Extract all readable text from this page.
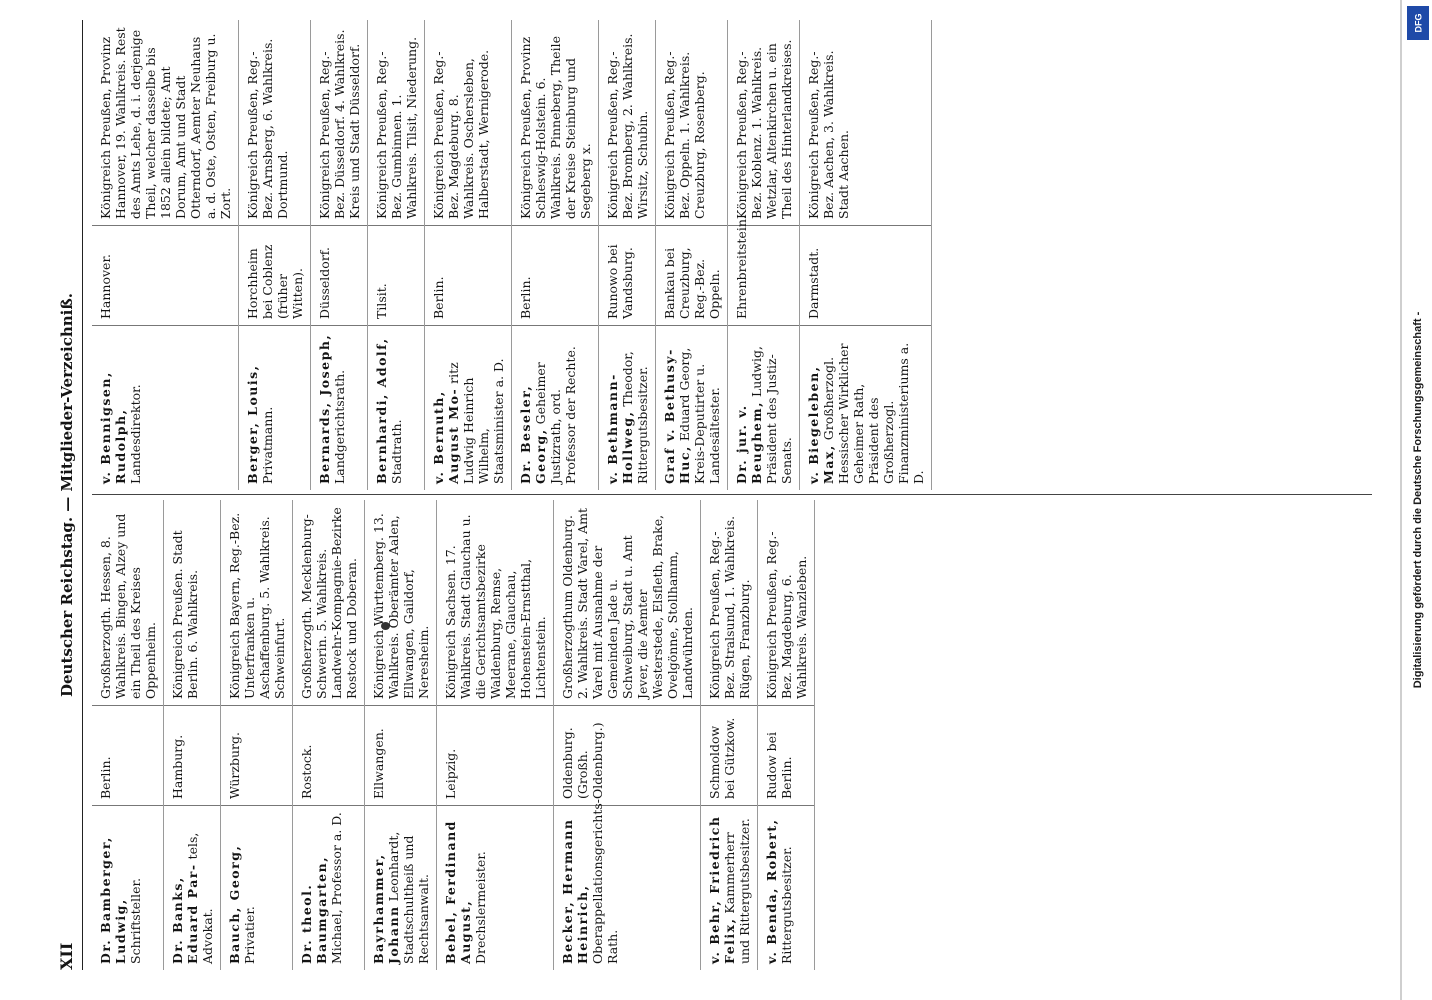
DFG
Digitalisierung gefördert durch die Deutsche Forschungsgemeinschaft -
XII
Deutscher Reichstag. — Mitglieder-Verzeichniß.
Dr. Bamberger, Ludwig, Schriftsteller.
Berlin.
Großherzogth. Hessen, 8. Wahlkreis. Bingen, Alzey und ein Theil des Kreises Oppenheim.
Dr. Banks, Eduard Par- tels, Advokat.
Hamburg.
Königreich Preußen. Stadt Berlin. 6. Wahlkreis.
Bauch, Georg, Privatier.
Würzburg.
Königreich Bayern, Reg.-Bez. Unterfranken u. Aschaffenburg. 5. Wahlkreis. Schweinfurt.
Dr. theol. Baumgarten, Michael, Professor a. D.
Rostock.
Großherzogth. Mecklenburg-Schwerin. 5. Wahlkreis. Landwehr-Kompagnie-Bezirke Rostock und Doberan.
Bayrhammer, Johann Leonhardt, Stadtschultheiß und Rechtsanwalt.
Ellwangen.
Königreich Württemberg. 13. Wahlkreis. Oberämter Aalen, Ellwangen, Gaildorf, Neresheim.
Bebel, Ferdinand August, Drechslermeister.
Leipzig.
Königreich Sachsen. 17. Wahlkreis. Stadt Glauchau u. die Gerichtsamtsbezirke Waldenburg, Remse, Meerane, Glauchau, Hohenstein-Ernstthal, Lichtenstein.
Becker, Hermann Heinrich, Oberappellationsgerichts-Rath.
Oldenburg. (Großh. Oldenburg.)
Großherzogthum Oldenburg. 2. Wahlkreis. Stadt Varel, Amt Varel mit Ausnahme der Gemeinden Jade u. Schweiburg, Stadt u. Amt Jever, die Aemter Westerstede, Elsfleth, Brake, Ovelgönne, Stollhamm, Landwührden.
v. Behr, Friedrich Felix, Kammerherr und Rittergutsbesitzer.
Schmoldow bei Gützkow.
Königreich Preußen, Reg.-Bez. Stralsund, 1. Wahlkreis. Rügen, Franzburg.
v. Benda, Robert, Rittergutsbesitzer.
Rudow bei Berlin.
Königreich Preußen, Reg.-Bez. Magdeburg, 6. Wahlkreis. Wanzleben.
v. Bennigsen, Rudolph, Landesdirektor.
Hannover.
Königreich Preußen, Provinz Hannover, 19. Wahlkreis. Rest des Amts Lehe, d. i. derjenige Theil, welcher dasselbe bis 1852 allein bildete; Amt Dorum, Amt und Stadt Otterndorf, Aemter Neuhaus a. d. Oste, Osten, Freiburg u. Zort.
Berger, Louis, Privatmann.
Horchheim bei Coblenz (früher Witten).
Königreich Preußen, Reg.-Bez. Arnsberg, 6. Wahlkreis. Dortmund.
Bernards, Joseph, Landgerichtsrath.
Düsseldorf.
Königreich Preußen, Reg.-Bez. Düsseldorf. 4. Wahlkreis. Kreis und Stadt Düsseldorf.
Bernhardi, Adolf, Stadtrath.
Tilsit.
Königreich Preußen, Reg.-Bez. Gumbinnen. 1. Wahlkreis. Tilsit, Niederung.
v. Bernuth, August Mo- ritz Ludwig Heinrich Wilhelm, Staatsminister a. D.
Berlin.
Königreich Preußen, Reg.-Bez. Magdeburg. 8. Wahlkreis. Oschersleben, Halberstadt, Wernigerode.
Dr. Beseler, Georg, Geheimer Justizrath, ord. Professor der Rechte.
Berlin.
Königreich Preußen, Provinz Schleswig-Holstein. 6. Wahlkreis. Pinneberg, Theile der Kreise Steinburg und Segeberg x.
v. Bethmann-Hollweg, Theodor, Rittergutsbesitzer.
Runowo bei Vandsburg.
Königreich Preußen, Reg.-Bez. Bromberg, 2. Wahlkreis. Wirsitz, Schubin.
Graf v. Bethusy-Huc, Eduard Georg, Kreis-Deputirter u. Landesältester.
Bankau bei Creuzburg, Reg.-Bez. Oppeln.
Königreich Preußen, Reg.-Bez. Oppeln. 1. Wahlkreis. Creuzburg, Rosenberg.
Dr. jur. v. Beughem, Ludwig, Präsident des Justiz-Senats.
Ehrenbreitstein.
Königreich Preußen, Reg.-Bez. Koblenz. 1. Wahlkreis. Wetzlar, Altenkirchen u. ein Theil des Hinterlandkreises.
v. Biegeleben, Max, Großherzogl. Hessischer Wirklicher Geheimer Rath, Präsident des Großherzogl. Finanzministeriums a. D.
Darmstadt.
Königreich Preußen, Reg.-Bez. Aachen, 3. Wahlkreis. Stadt Aachen.
